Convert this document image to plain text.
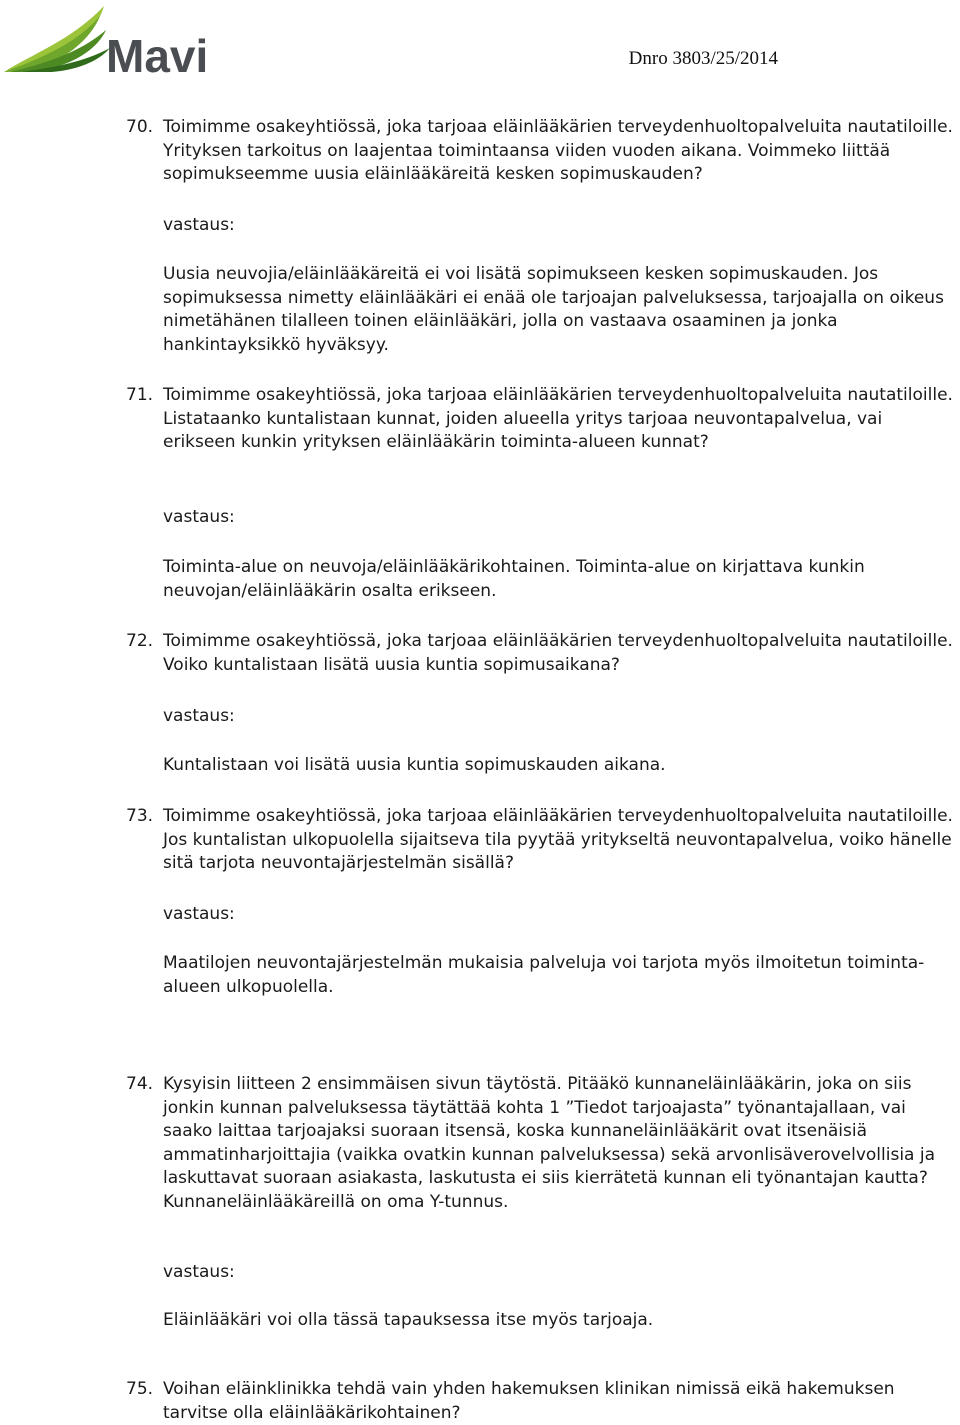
Mavi	Dnro 3803/25/2014
70. Toimimme osakeyhtiössä, joka tarjoaa eläinlääkärien terveydenhuoltopalveluita nautatiloille. Yrityksen tarkoitus on laajentaa toimintaansa viiden vuoden aikana. Voimmeko liittää sopimukseemme uusia eläinlääkäreitä kesken sopimuskauden?
vastaus:
Uusia neuvojia/eläinlääkäreitä ei voi lisätä sopimukseen kesken sopimuskauden. Jos sopimuksessa nimetty eläinlääkäri ei enää ole tarjoajan palveluksessa, tarjoajalla on oikeus nimetähänen tilalleen toinen eläinlääkäri, jolla on vastaava osaaminen ja jonka hankintayksikkö hyväksyy.
71. Toimimme osakeyhtiössä, joka tarjoaa eläinlääkärien terveydenhuoltopalveluita nautatiloille. Listataanko kuntalistaan kunnat, joiden alueella yritys tarjoaa neuvontapalvelua, vai erikseen kunkin yrityksen eläinlääkärin toiminta-alueen kunnat?
vastaus:
Toiminta-alue on neuvoja/eläinlääkärikohtainen. Toiminta-alue on kirjattava kunkin neuvojan/eläinlääkärin osalta erikseen.
72. Toimimme osakeyhtiössä, joka tarjoaa eläinlääkärien terveydenhuoltopalveluita nautatiloille. Voiko kuntalistaan lisätä uusia kuntia sopimusaikana?
vastaus:
Kuntalistaan voi lisätä uusia kuntia sopimuskauden aikana.
73. Toimimme osakeyhtiössä, joka tarjoaa eläinlääkärien terveydenhuoltopalveluita nautatiloille. Jos kuntalistan ulkopuolella sijaitseva tila pyytää yritykseltä neuvontapalvelua, voiko hänelle sitä tarjota neuvontajärjestelmän sisällä?
vastaus:
Maatilojen neuvontajärjestelmän mukaisia palveluja voi tarjota myös ilmoitetun toiminta-alueen ulkopuolella.
74. Kysyisin liitteen 2 ensimmäisen sivun täytöstä. Pitääkö kunnaneläinlääkärin, joka on siis jonkin kunnan palveluksessa täytättää kohta 1 ”Tiedot tarjoajasta” työnantajallaan, vai saako laittaa tarjoajaksi suoraan itsensä, koska kunnaneläinlääkärit ovat itsenäisiä ammatinharjoittajia (vaikka ovatkin kunnan palveluksessa) sekä arvonlisäverovelvollisia ja laskuttavat suoraan asiakasta, laskutusta ei siis kierrätetä kunnan eli työnantajan kautta? Kunnaneläinlääkäreillä on oma Y-tunnus.
vastaus:
Eläinlääkäri voi olla tässä tapauksessa itse myös tarjoaja.
75. Voihan eläinklinikka tehdä vain yhden hakemuksen klinikan nimissä eikä hakemuksen tarvitse olla eläinlääkärikohtainen?
